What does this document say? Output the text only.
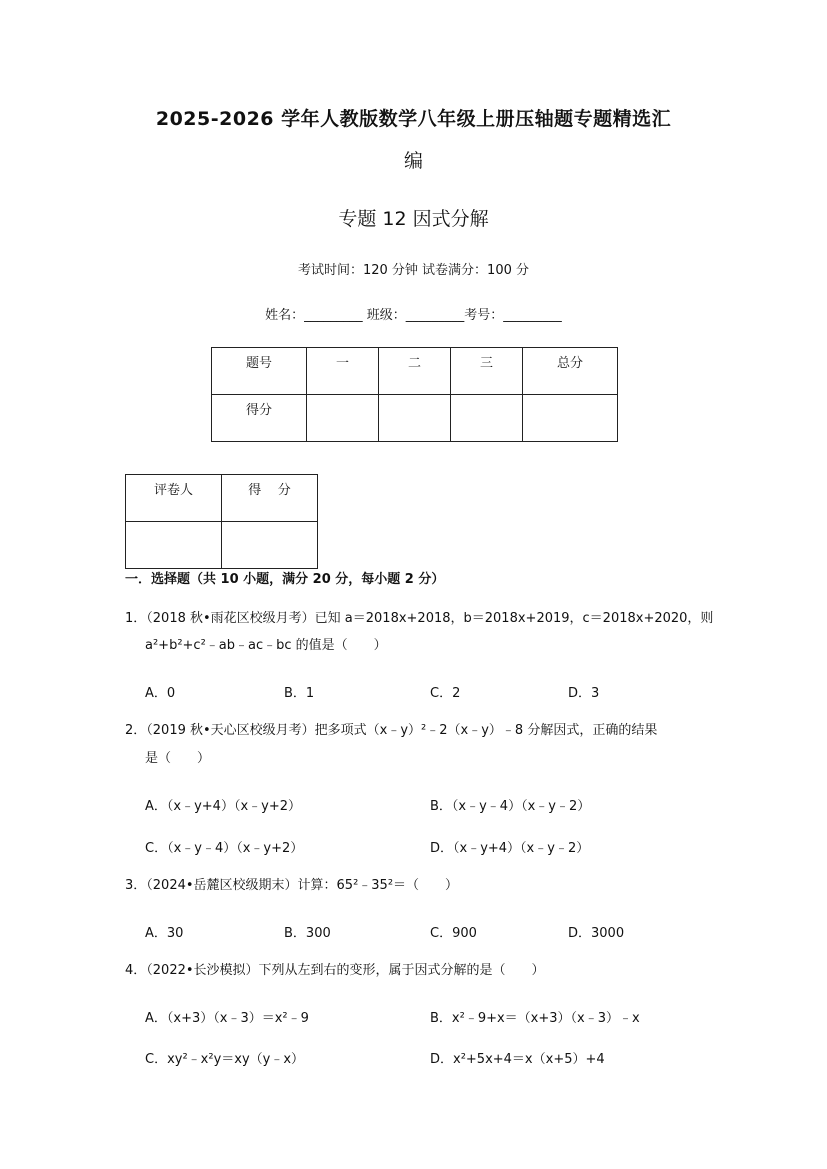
2025-2026 学年人教版数学八年级上册压轴题专题精选汇
编
专题 12 因式分解
考试时间：120 分钟 试卷满分：100 分
姓名：_________ 班级：_________考号：_________
题号	一	二	三	总分
得分				
评卷人	得    分

一．选择题（共 10 小题，满分 20 分，每小题 2 分）
1．（2018 秋•雨花区校级月考）已知 a＝2018x+2018，b＝2018x+2019，c＝2018x+2020，则
a²+b²+c²﹣ab﹣ac﹣bc 的值是（　　）
A．0	B．1	C．2	D．3
2．（2019 秋•天心区校级月考）把多项式（x﹣y）²﹣2（x﹣y）﹣8 分解因式，正确的结果
是（　　）
A．（x﹣y+4）（x﹣y+2）	B．（x﹣y﹣4）（x﹣y﹣2）
C．（x﹣y﹣4）（x﹣y+2）	D．（x﹣y+4）（x﹣y﹣2）
3．（2024•岳麓区校级期末）计算：65²﹣35²＝（　　）
A．30	B．300	C．900	D．3000
4．（2022•长沙模拟）下列从左到右的变形，属于因式分解的是（　　）
A．（x+3）（x﹣3）＝x²﹣9	B．x²﹣9+x＝（x+3）（x﹣3）﹣x
C．xy²﹣x²y＝xy（y﹣x）	D．x²+5x+4＝x（x+5）+4
